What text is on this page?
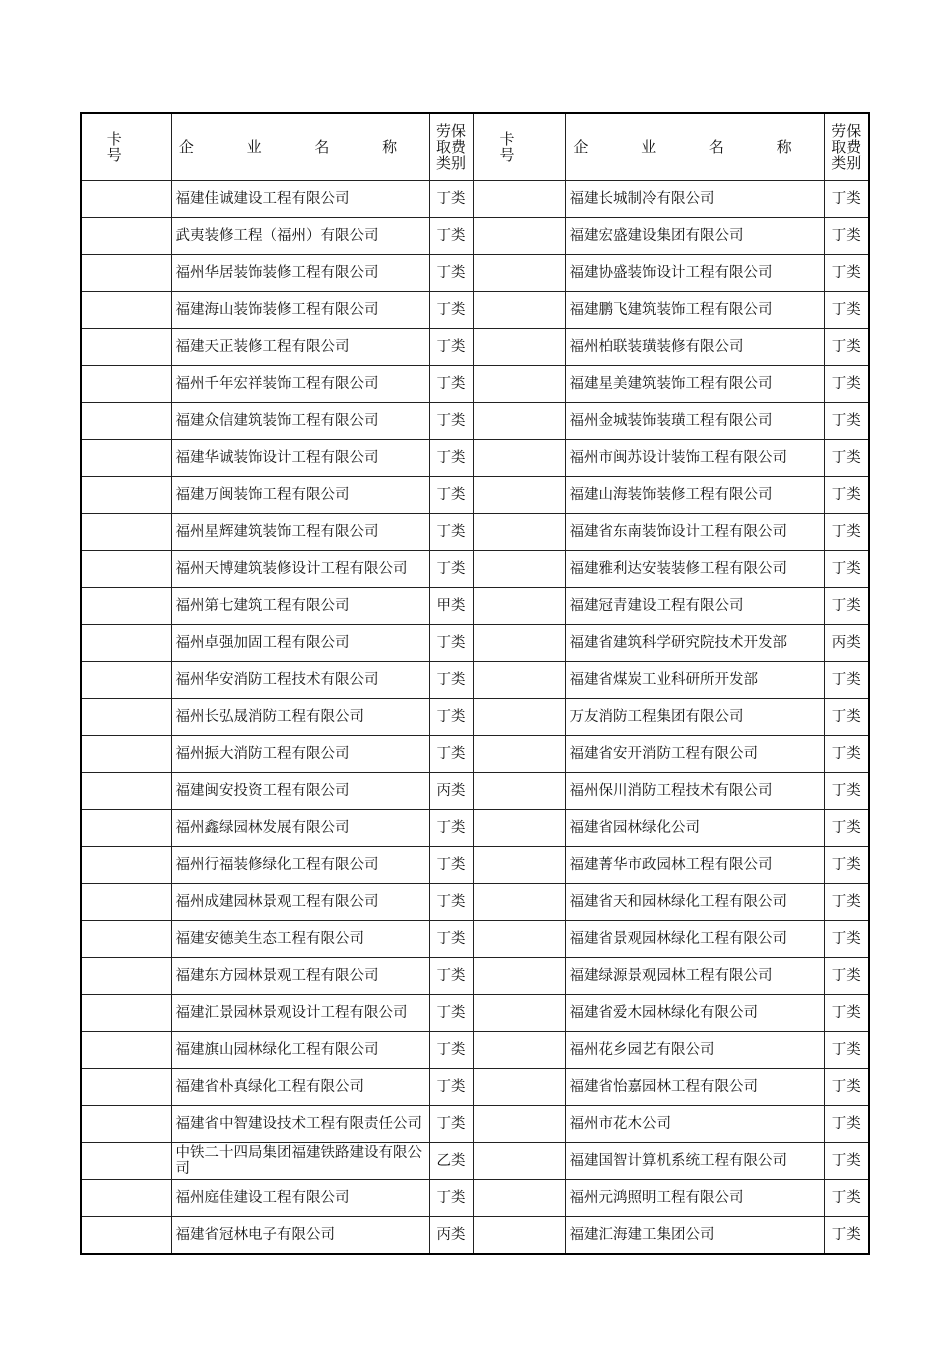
卡 号	企 业 名 称	劳保取费类别	卡 号	企 业 名 称	劳保取费类别
	福建佳诚建设工程有限公司	丁类		福建长城制冷有限公司	丁类
	武夷装修工程（福州）有限公司	丁类		福建宏盛建设集团有限公司	丁类
	福州华居装饰装修工程有限公司	丁类		福建协盛装饰设计工程有限公司	丁类
	福建海山装饰装修工程有限公司	丁类		福建鹏飞建筑装饰工程有限公司	丁类
	福建天正装修工程有限公司	丁类		福州柏联装璜装修有限公司	丁类
	福州千年宏祥装饰工程有限公司	丁类		福建星美建筑装饰工程有限公司	丁类
	福建众信建筑装饰工程有限公司	丁类		福州金城装饰装璜工程有限公司	丁类
	福建华诚装饰设计工程有限公司	丁类		福州市闽苏设计装饰工程有限公司	丁类
	福建万闽装饰工程有限公司	丁类		福建山海装饰装修工程有限公司	丁类
	福州星辉建筑装饰工程有限公司	丁类		福建省东南装饰设计工程有限公司	丁类
	福州天博建筑装修设计工程有限公司	丁类		福建雅利达安装装修工程有限公司	丁类
	福州第七建筑工程有限公司	甲类		福建冠青建设工程有限公司	丁类
	福州卓强加固工程有限公司	丁类		福建省建筑科学研究院技术开发部	丙类
	福州华安消防工程技术有限公司	丁类		福建省煤炭工业科研所开发部	丁类
	福州长弘晟消防工程有限公司	丁类		万友消防工程集团有限公司	丁类
	福州振大消防工程有限公司	丁类		福建省安开消防工程有限公司	丁类
	福建闽安投资工程有限公司	丙类		福州保川消防工程技术有限公司	丁类
	福州鑫绿园林发展有限公司	丁类		福建省园林绿化公司	丁类
	福州行福装修绿化工程有限公司	丁类		福建菁华市政园林工程有限公司	丁类
	福州成建园林景观工程有限公司	丁类		福建省天和园林绿化工程有限公司	丁类
	福建安德美生态工程有限公司	丁类		福建省景观园林绿化工程有限公司	丁类
	福建东方园林景观工程有限公司	丁类		福建绿源景观园林工程有限公司	丁类
	福建汇景园林景观设计工程有限公司	丁类		福建省爱木园林绿化有限公司	丁类
	福建旗山园林绿化工程有限公司	丁类		福州花乡园艺有限公司	丁类
	福建省朴真绿化工程有限公司	丁类		福建省怡嘉园林工程有限公司	丁类
	福建省中智建设技术工程有限责任公司	丁类		福州市花木公司	丁类
	中铁二十四局集团福建铁路建设有限公司	乙类		福建国智计算机系统工程有限公司	丁类
	福州庭佳建设工程有限公司	丁类		福州元鸿照明工程有限公司	丁类
	福建省冠林电子有限公司	丙类		福建汇海建工集团公司	丁类
